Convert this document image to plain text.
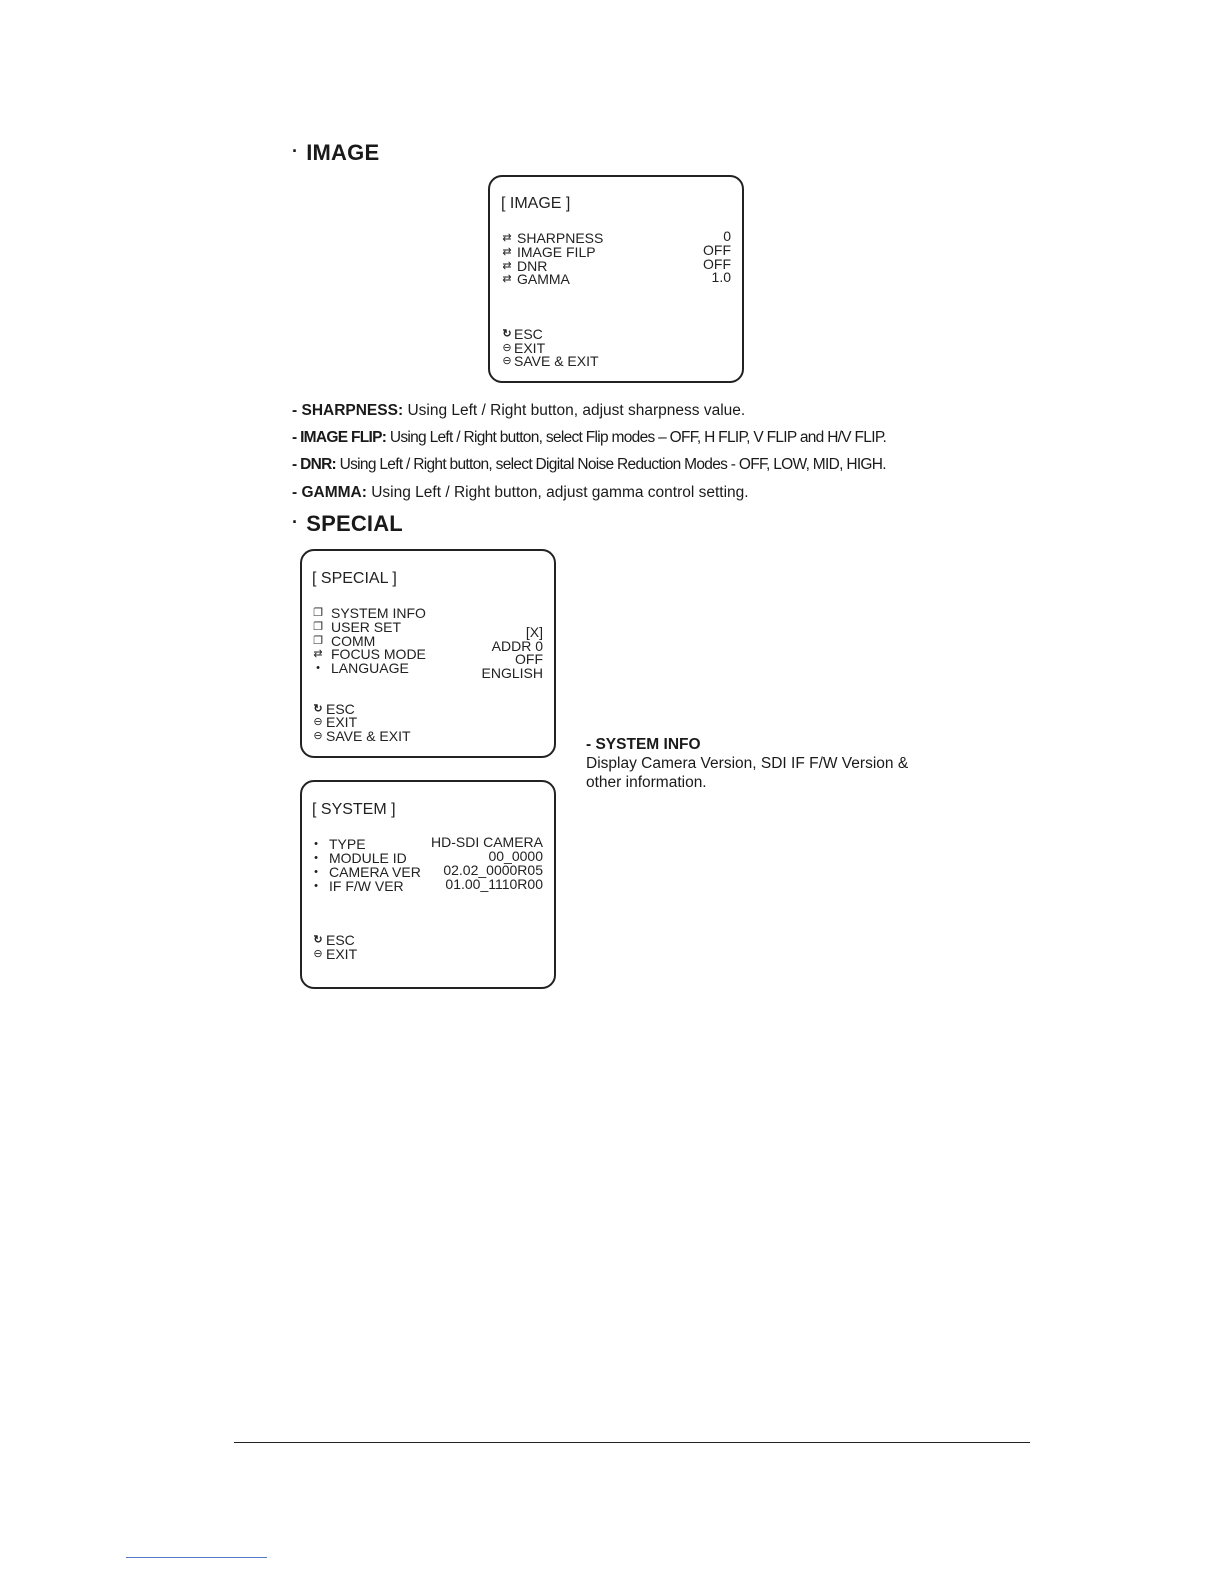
· IMAGE
[ IMAGE ]
⇄ SHARPNESS
⇄ IMAGE FILP
⇄ DNR
⇄ GAMMA
0
OFF
OFF
1.0
↻ ESC
⊖ EXIT
⊖ SAVE & EXIT
- SHARPNESS: Using Left / Right button, adjust sharpness value.
- IMAGE FLIP: Using Left / Right button, select Flip modes – OFF, H FLIP, V FLIP and H/V FLIP.
- DNR: Using Left / Right button, select Digital Noise Reduction Modes - OFF, LOW, MID, HIGH.
- GAMMA: Using Left / Right button, adjust gamma control setting.
· SPECIAL
[ SPECIAL ]
❐ SYSTEM INFO
❐ USER SET
❐ COMM
⇄ FOCUS MODE
• LANGUAGE
[X]
ADDR 0
OFF
ENGLISH
↻ ESC
⊖ EXIT
⊖ SAVE & EXIT	- SYSTEM INFO
Display Camera Version, SDI IF F/W Version &
other information.
[ SYSTEM ]
• TYPE
• MODULE ID
• CAMERA VER
• IF F/W VER
HD-SDI CAMERA
00_0000
02.02_0000R05
01.00_1110R00
↻ ESC
⊖ EXIT
